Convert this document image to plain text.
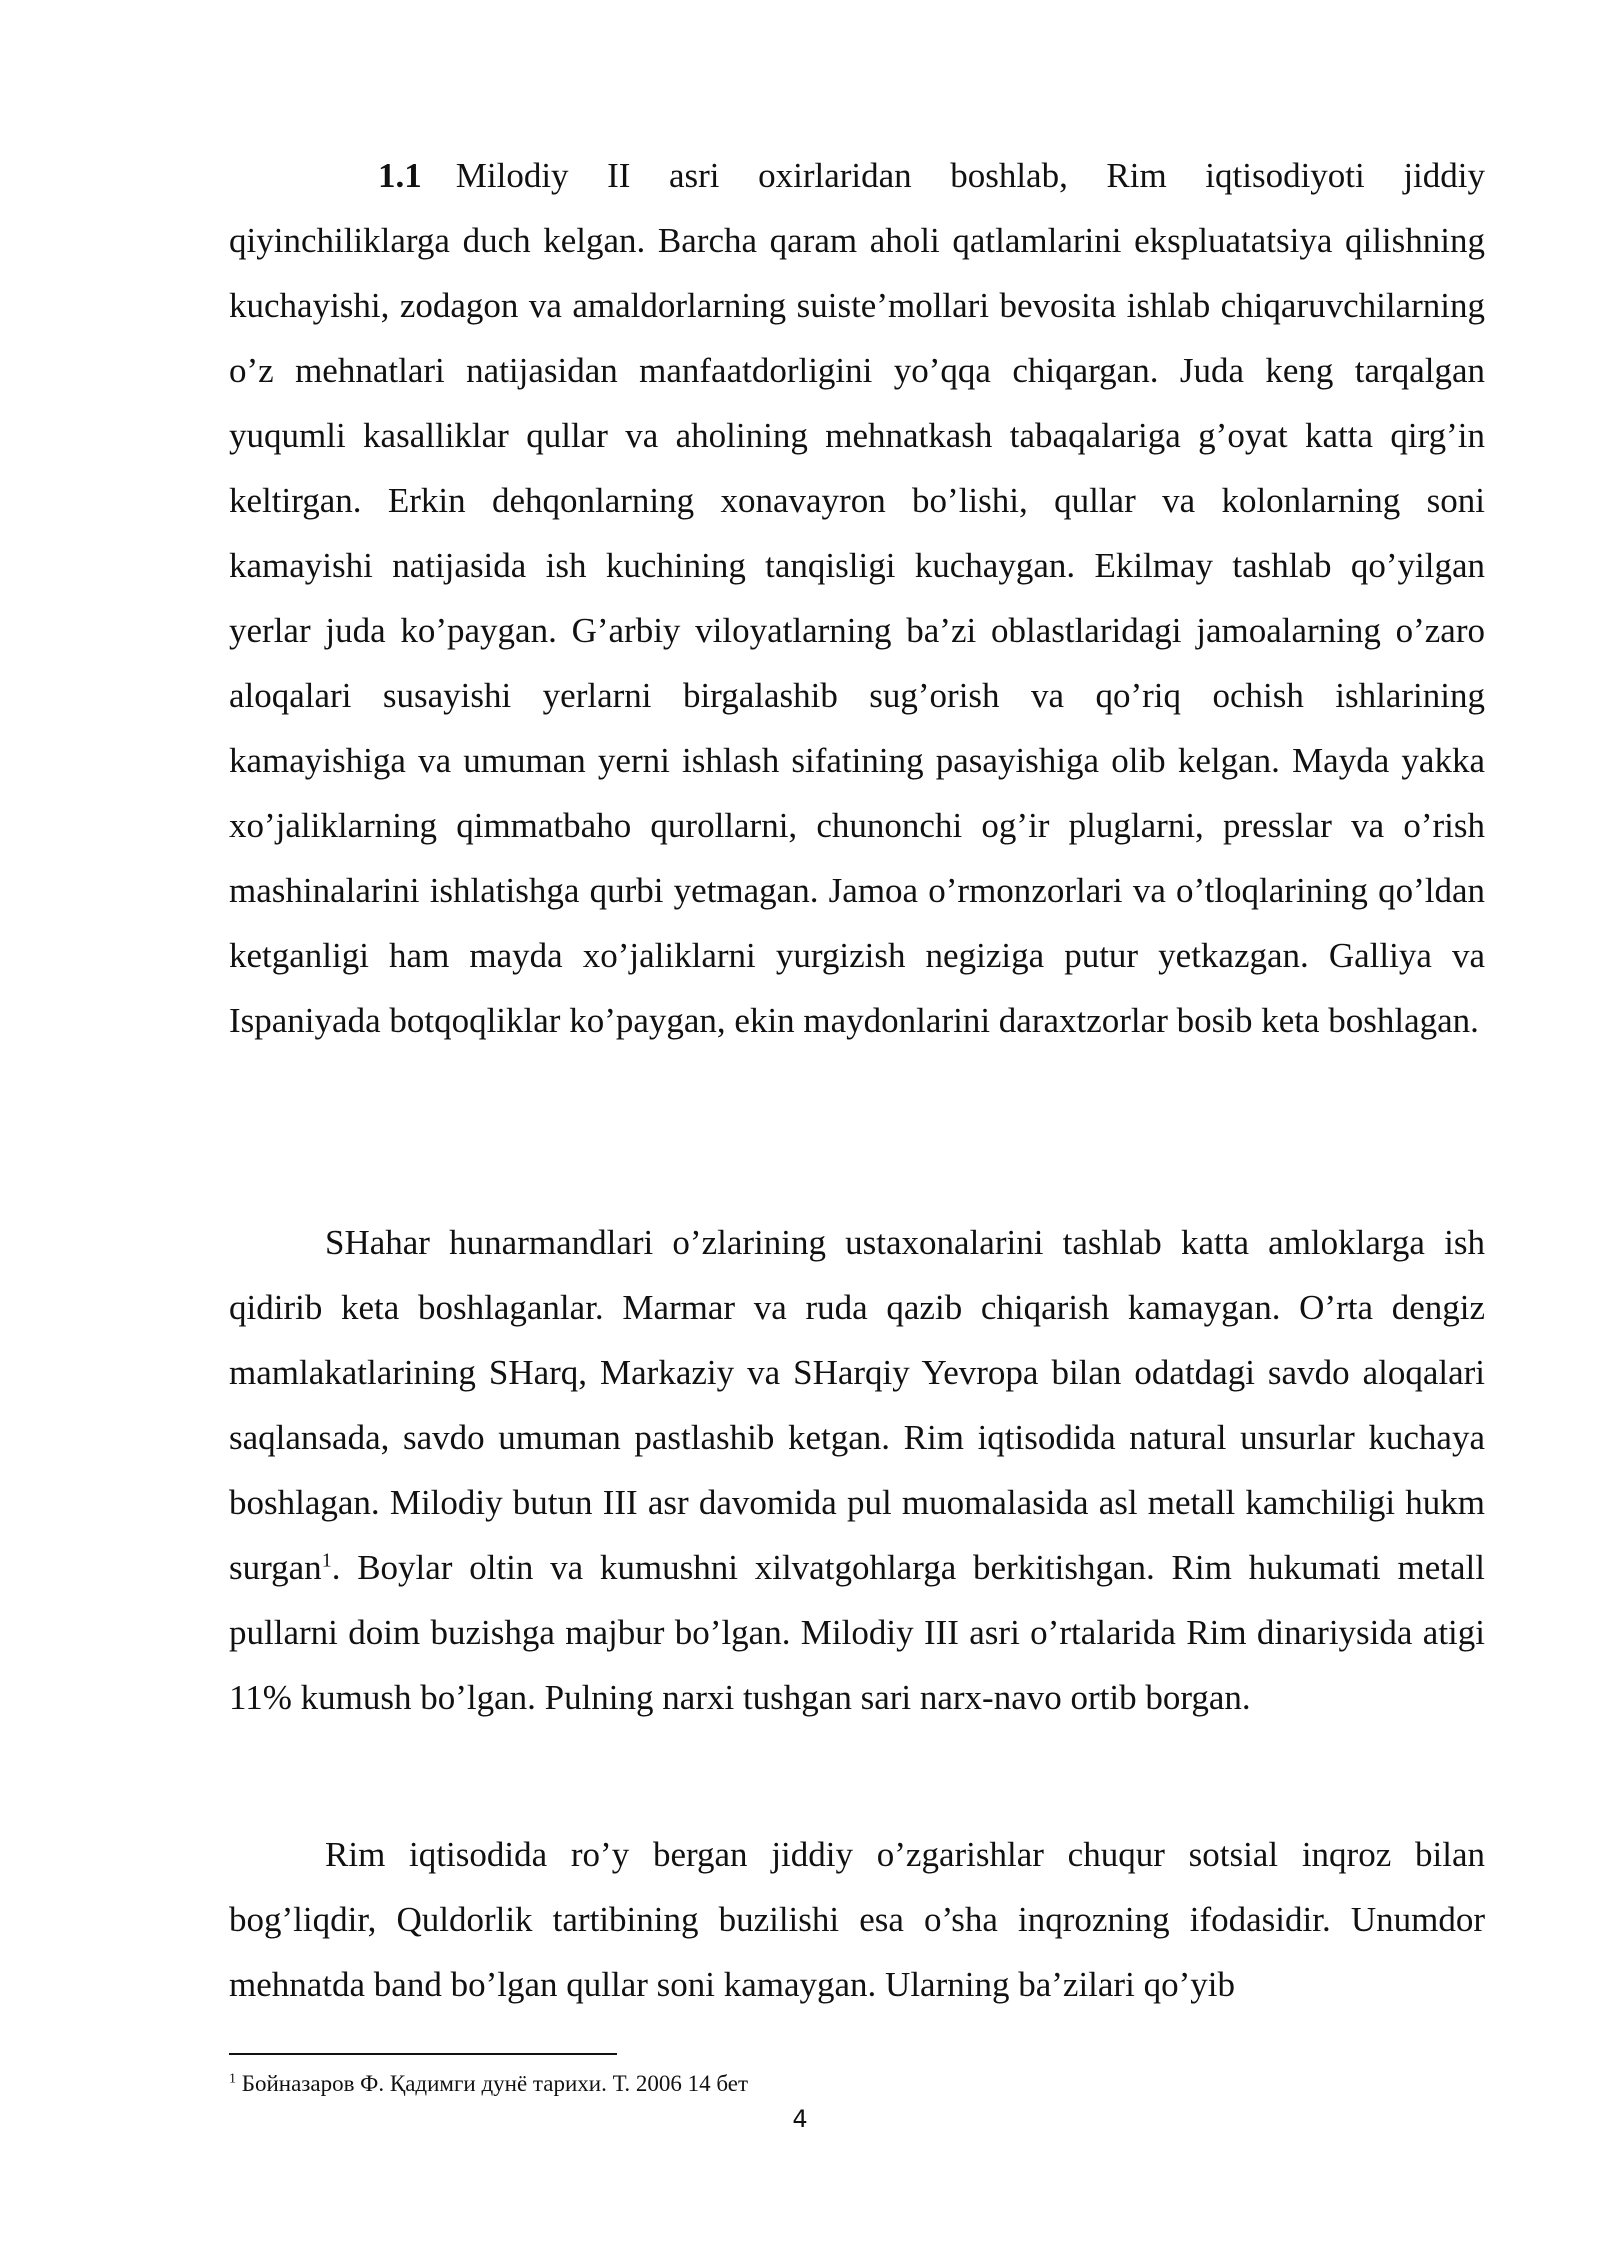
1.1 Milodiy II asri oxirlaridan boshlab, Rim iqtisodiyoti jiddiy qiyinchiliklarga duch kelgan. Barcha qaram aholi qatlamlarini ekspluatatsiya qilishning kuchayishi, zodagon va amaldorlarning suiste’mollari bevosita ishlab chiqaruvchilarning o’z mehnatlari natijasidan manfaatdorligini yo’qqa chiqargan. Juda keng tarqalgan yuqumli kasalliklar qullar va aholining mehnatkash tabaqalariga g’oyat katta qirg’in keltirgan. Erkin dehqonlarning xonavayron bo’lishi, qullar va kolonlarning soni kamayishi natijasida ish kuchining tanqisligi kuchaygan. Ekilmay tashlab qo’yilgan yerlar juda ko’paygan. G’arbiy viloyatlarning ba’zi oblastlaridagi jamoalarning o’zaro aloqalari susayishi yerlarni birgalashib sug’orish va qo’riq ochish ishlarining kamayishiga va umuman yerni ishlash sifatining pasayishiga olib kelgan. Mayda yakka xo’jaliklarning qimmatbaho qurollarni, chunonchi og’ir pluglarni, presslar va o’rish mashinalarini ishlatishga qurbi yetmagan. Jamoa o’rmonzorlari va o’tloqlarining qo’ldan ketganligi ham mayda xo’jaliklarni yurgizish negiziga putur yetkazgan. Galliya va Ispaniyada botqoqliklar ko’paygan, ekin maydonlarini daraxtzorlar bosib keta boshlagan.

SHahar hunarmandlari o’zlarining ustaxonalarini tashlab katta amloklarga ish qidirib keta boshlaganlar. Marmar va ruda qazib chiqarish kamaygan. O’rta dengiz mamlakatlarining SHarq, Markaziy va SHarqiy Yevropa bilan odatdagi savdo aloqalari saqlansada, savdo umuman pastlashib ketgan. Rim iqtisodida natural unsurlar kuchaya boshlagan. Milodiy butun III asr davomida pul muomalasida asl metall kamchiligi hukm surgan$^1$. Boylar oltin va kumushni xilvatgohlarga berkitishgan. Rim hukumati metall pullarni doim buzishga majbur bo’lgan. Milodiy III asri o’rtalarida Rim dinariysida atigi 11% kumush bo’lgan. Pulning narxi tushgan sari narx-navo ortib borgan.

Rim iqtisodida ro’y bergan jiddiy o’zgarishlar chuqur sotsial inqroz bilan bog’liqdir, Quldorlik tartibining buzilishi esa o’sha inqrozning ifodasidir. Unumdor mehnatda band bo’lgan qullar soni kamaygan. Ularning ba’zilari qo’yib

$^1$ Бойназаров Ф. Қадимги дунё тарихи. Т. 2006 14 бет

4
